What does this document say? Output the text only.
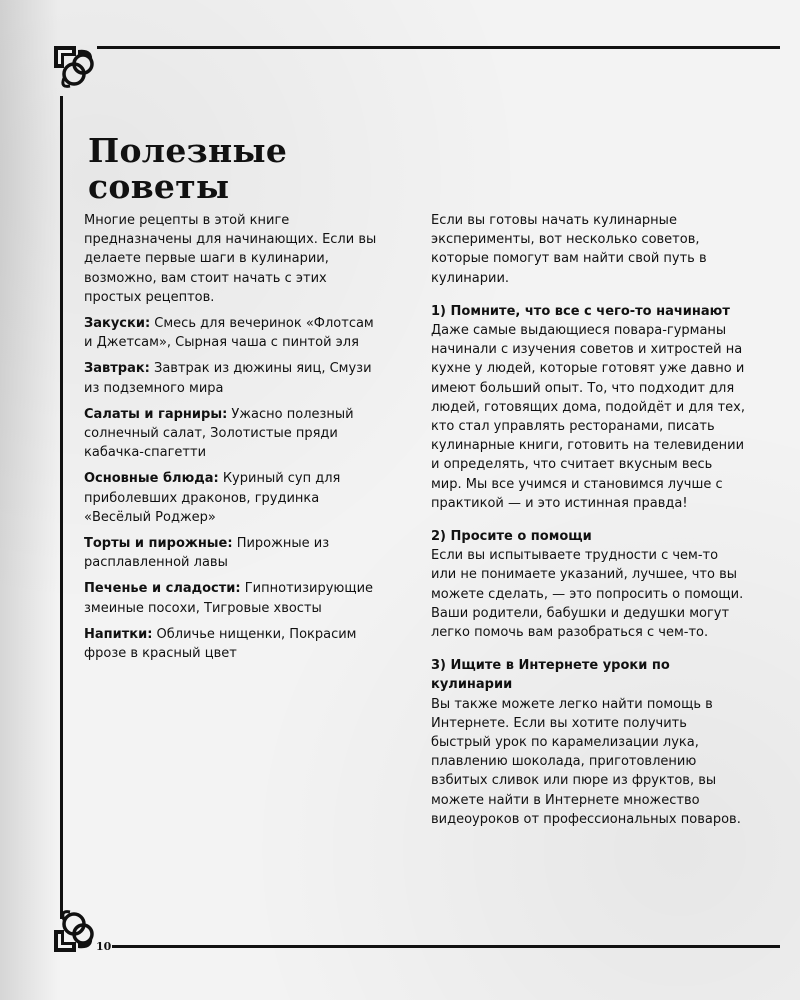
10
Полезные советы

Многие рецепты в этой книге предназначены для начинающих. Если вы делаете первые шаги в кулинарии, возможно, вам стоит начать с этих простых рецептов.

Закуски: Смесь для вечеринок «Флотсам и Джетсам», Сырная чаша с пинтой эля

Завтрак: Завтрак из дюжины яиц, Смузи из подземного мира

Салаты и гарниры: Ужасно полезный солнечный салат, Золотистые пряди кабачка-спагетти

Основные блюда: Куриный суп для приболевших драконов, грудинка «Весёлый Роджер»

Торты и пирожные: Пирожные из расплавленной лавы

Печенье и сладости: Гипнотизирующие змеиные посохи, Тигровые хвосты

Напитки: Обличье нищенки, Покрасим фрозе в красный цвет

Если вы готовы начать кулинарные эксперименты, вот несколько советов, которые помогут вам найти свой путь в кулинарии.

1) Помните, что все с чего-то начинают
Даже самые выдающиеся повара-гурманы начинали с изучения советов и хитростей на кухне у людей, которые готовят уже давно и имеют больший опыт. То, что подходит для людей, готовящих дома, подойдёт и для тех, кто стал управлять ресторанами, писать кулинарные книги, готовить на телевидении и определять, что считает вкусным весь мир. Мы все учимся и становимся лучше с практикой — и это истинная правда!
2) Просите о помощи
Если вы испытываете трудности с чем-то или не понимаете указаний, лучшее, что вы можете сделать, — это попросить о помощи. Ваши родители, бабушки и дедушки могут легко помочь вам разобраться с чем-то.
3) Ищите в Интернете уроки по кулинарии
Вы также можете легко найти помощь в Интернете. Если вы хотите получить быстрый урок по карамелизации лука, плавлению шоколада, приготовлению взбитых сливок или пюре из фруктов, вы можете найти в Интернете множество видеоуроков от профессиональных поваров.
